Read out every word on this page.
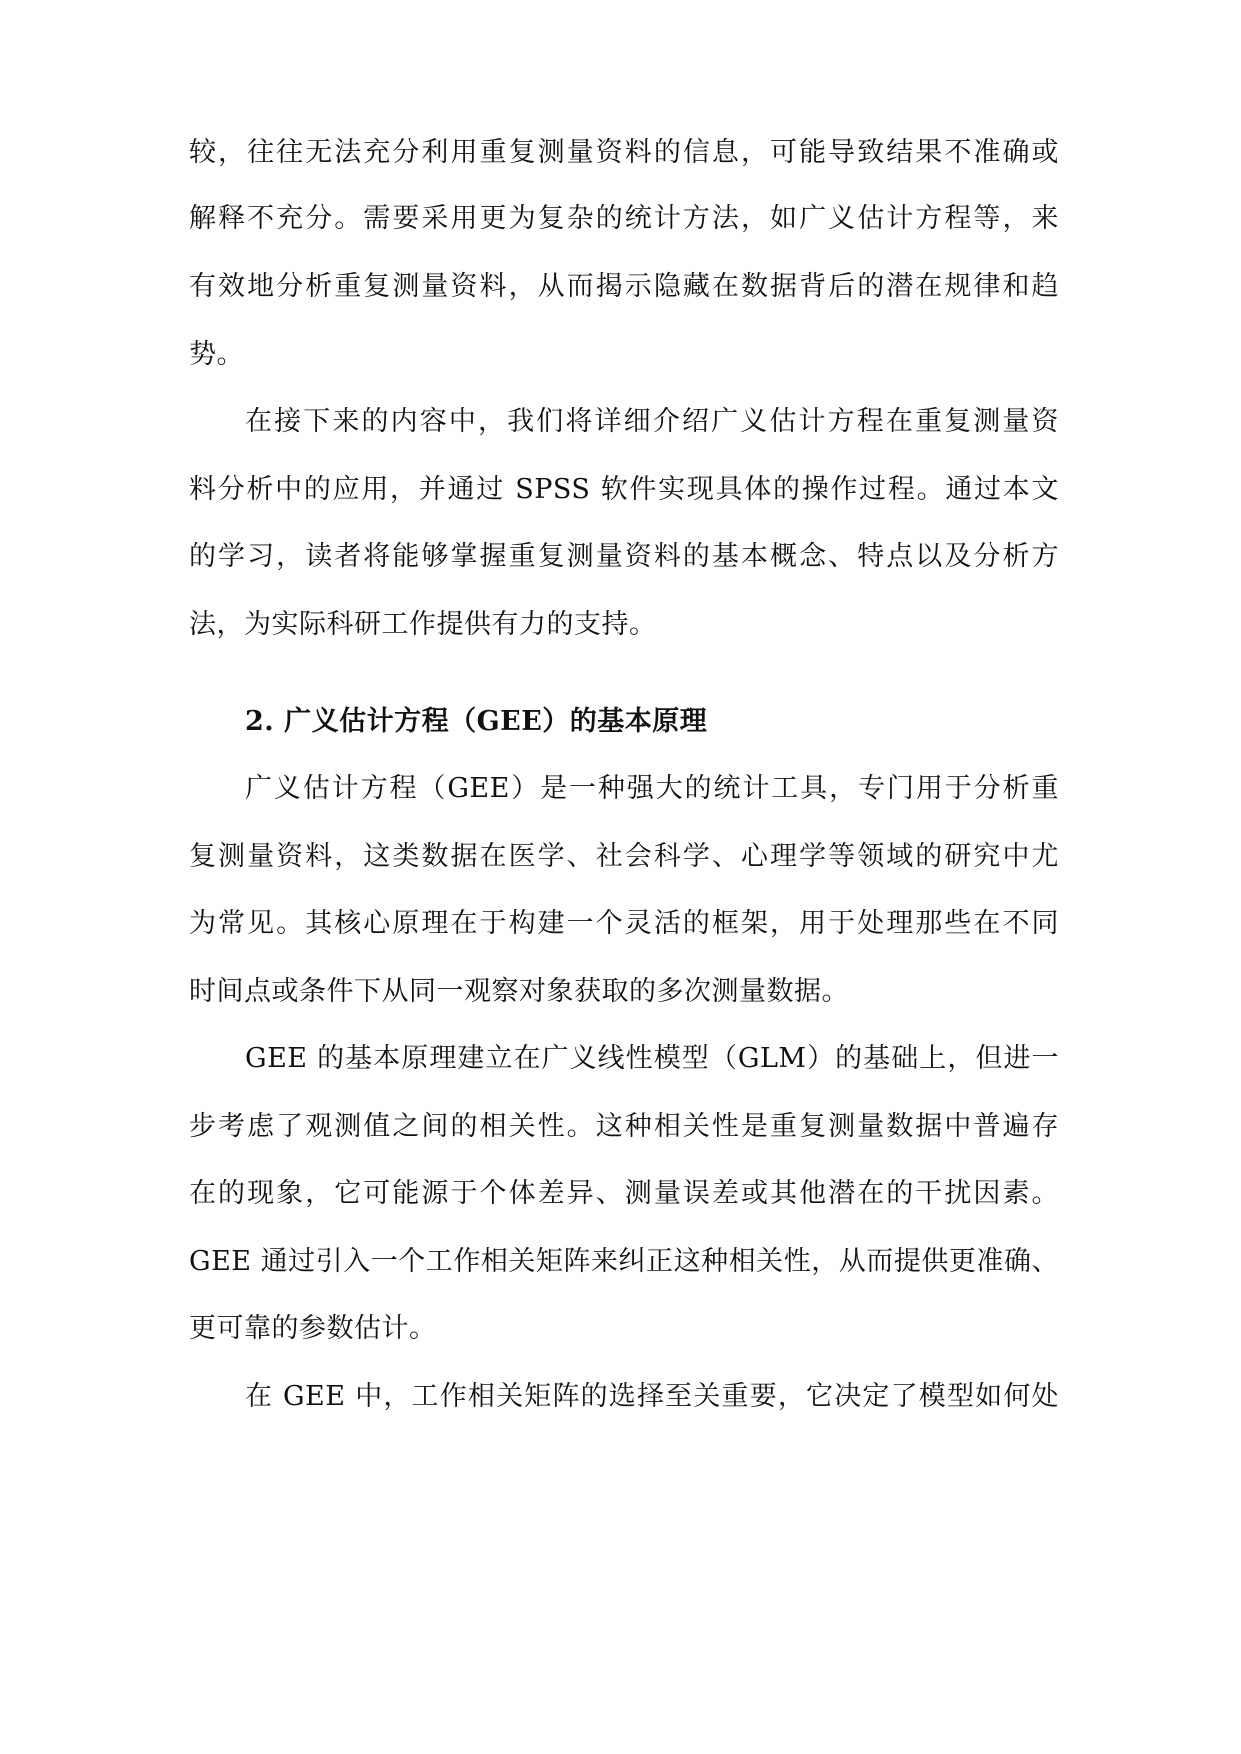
较，往往无法充分利用重复测量资料的信息，可能导致结果不准确或
解释不充分。需要采用更为复杂的统计方法，如广义估计方程等，来
有效地分析重复测量资料，从而揭示隐藏在数据背后的潜在规律和趋
势。
在接下来的内容中，我们将详细介绍广义估计方程在重复测量资
料分析中的应用，并通过 SPSS 软件实现具体的操作过程。通过本文
的学习，读者将能够掌握重复测量资料的基本概念、特点以及分析方
法，为实际科研工作提供有力的支持。
2. 广义估计方程（GEE）的基本原理
广义估计方程（GEE）是一种强大的统计工具，专门用于分析重
复测量资料，这类数据在医学、社会科学、心理学等领域的研究中尤
为常见。其核心原理在于构建一个灵活的框架，用于处理那些在不同
时间点或条件下从同一观察对象获取的多次测量数据。
GEE 的基本原理建立在广义线性模型（GLM）的基础上，但进一
步考虑了观测值之间的相关性。这种相关性是重复测量数据中普遍存
在的现象，它可能源于个体差异、测量误差或其他潜在的干扰因素。
GEE 通过引入一个工作相关矩阵来纠正这种相关性，从而提供更准确、
更可靠的参数估计。
在 GEE 中，工作相关矩阵的选择至关重要，它决定了模型如何处
